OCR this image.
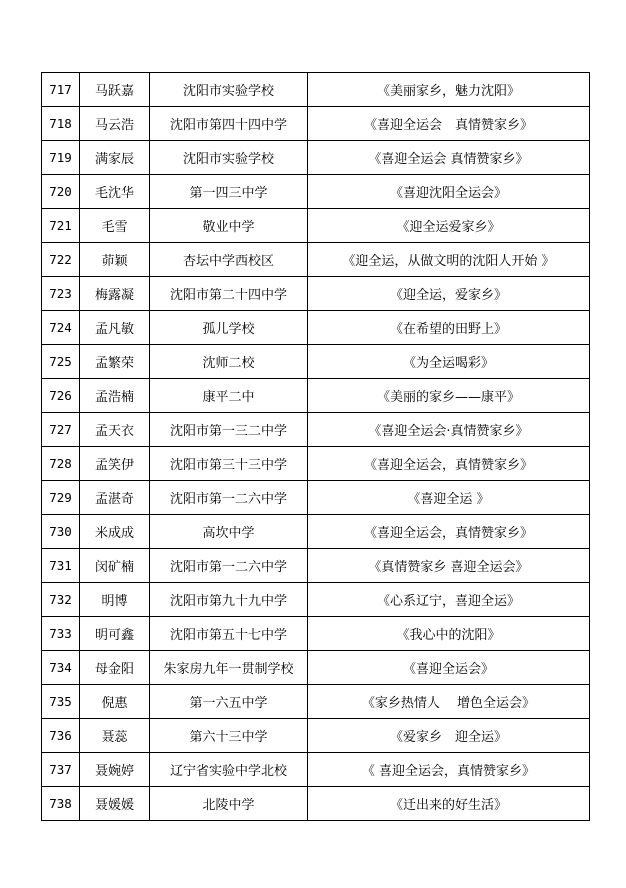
717	马跃嘉	沈阳市实验学校	《美丽家乡，魅力沈阳》
718	马云浩	沈阳市第四十四中学	《喜迎全运会　真情赞家乡》
719	满家辰	沈阳市实验学校	《喜迎全运会 真情赞家乡》
720	毛沈华	第一四三中学	《喜迎沈阳全运会》
721	毛雪	敬业中学	《迎全运爱家乡》
722	茆颖	杏坛中学西校区	《迎全运，从做文明的沈阳人开始 》
723	梅露凝	沈阳市第二十四中学	《迎全运，爱家乡》
724	孟凡敏	孤儿学校	《在希望的田野上》
725	孟繁荣	沈师二校	《为全运喝彩》
726	孟浩楠	康平二中	《美丽的家乡——康平》
727	孟天衣	沈阳市第一三二中学	《喜迎全运会·真情赞家乡》
728	孟笑伊	沈阳市第三十三中学	《喜迎全运会，真情赞家乡》
729	孟湛奇	沈阳市第一二六中学	《喜迎全运 》
730	米成成	高坎中学	《喜迎全运会，真情赞家乡》
731	闵矿楠	沈阳市第一二六中学	《真情赞家乡 喜迎全运会》
732	明博	沈阳市第九十九中学	《心系辽宁，喜迎全运》
733	明可鑫	沈阳市第五十七中学	《我心中的沈阳》
734	母金阳	朱家房九年一贯制学校	《喜迎全运会》
735	倪惠	第一六五中学	《家乡热情人　 增色全运会》
736	聂蕊	第六十三中学	《爱家乡　迎全运》
737	聂婉婷	辽宁省实验中学北校	《 喜迎全运会，真情赞家乡》
738	聂媛媛	北陵中学	《迁出来的好生活》
